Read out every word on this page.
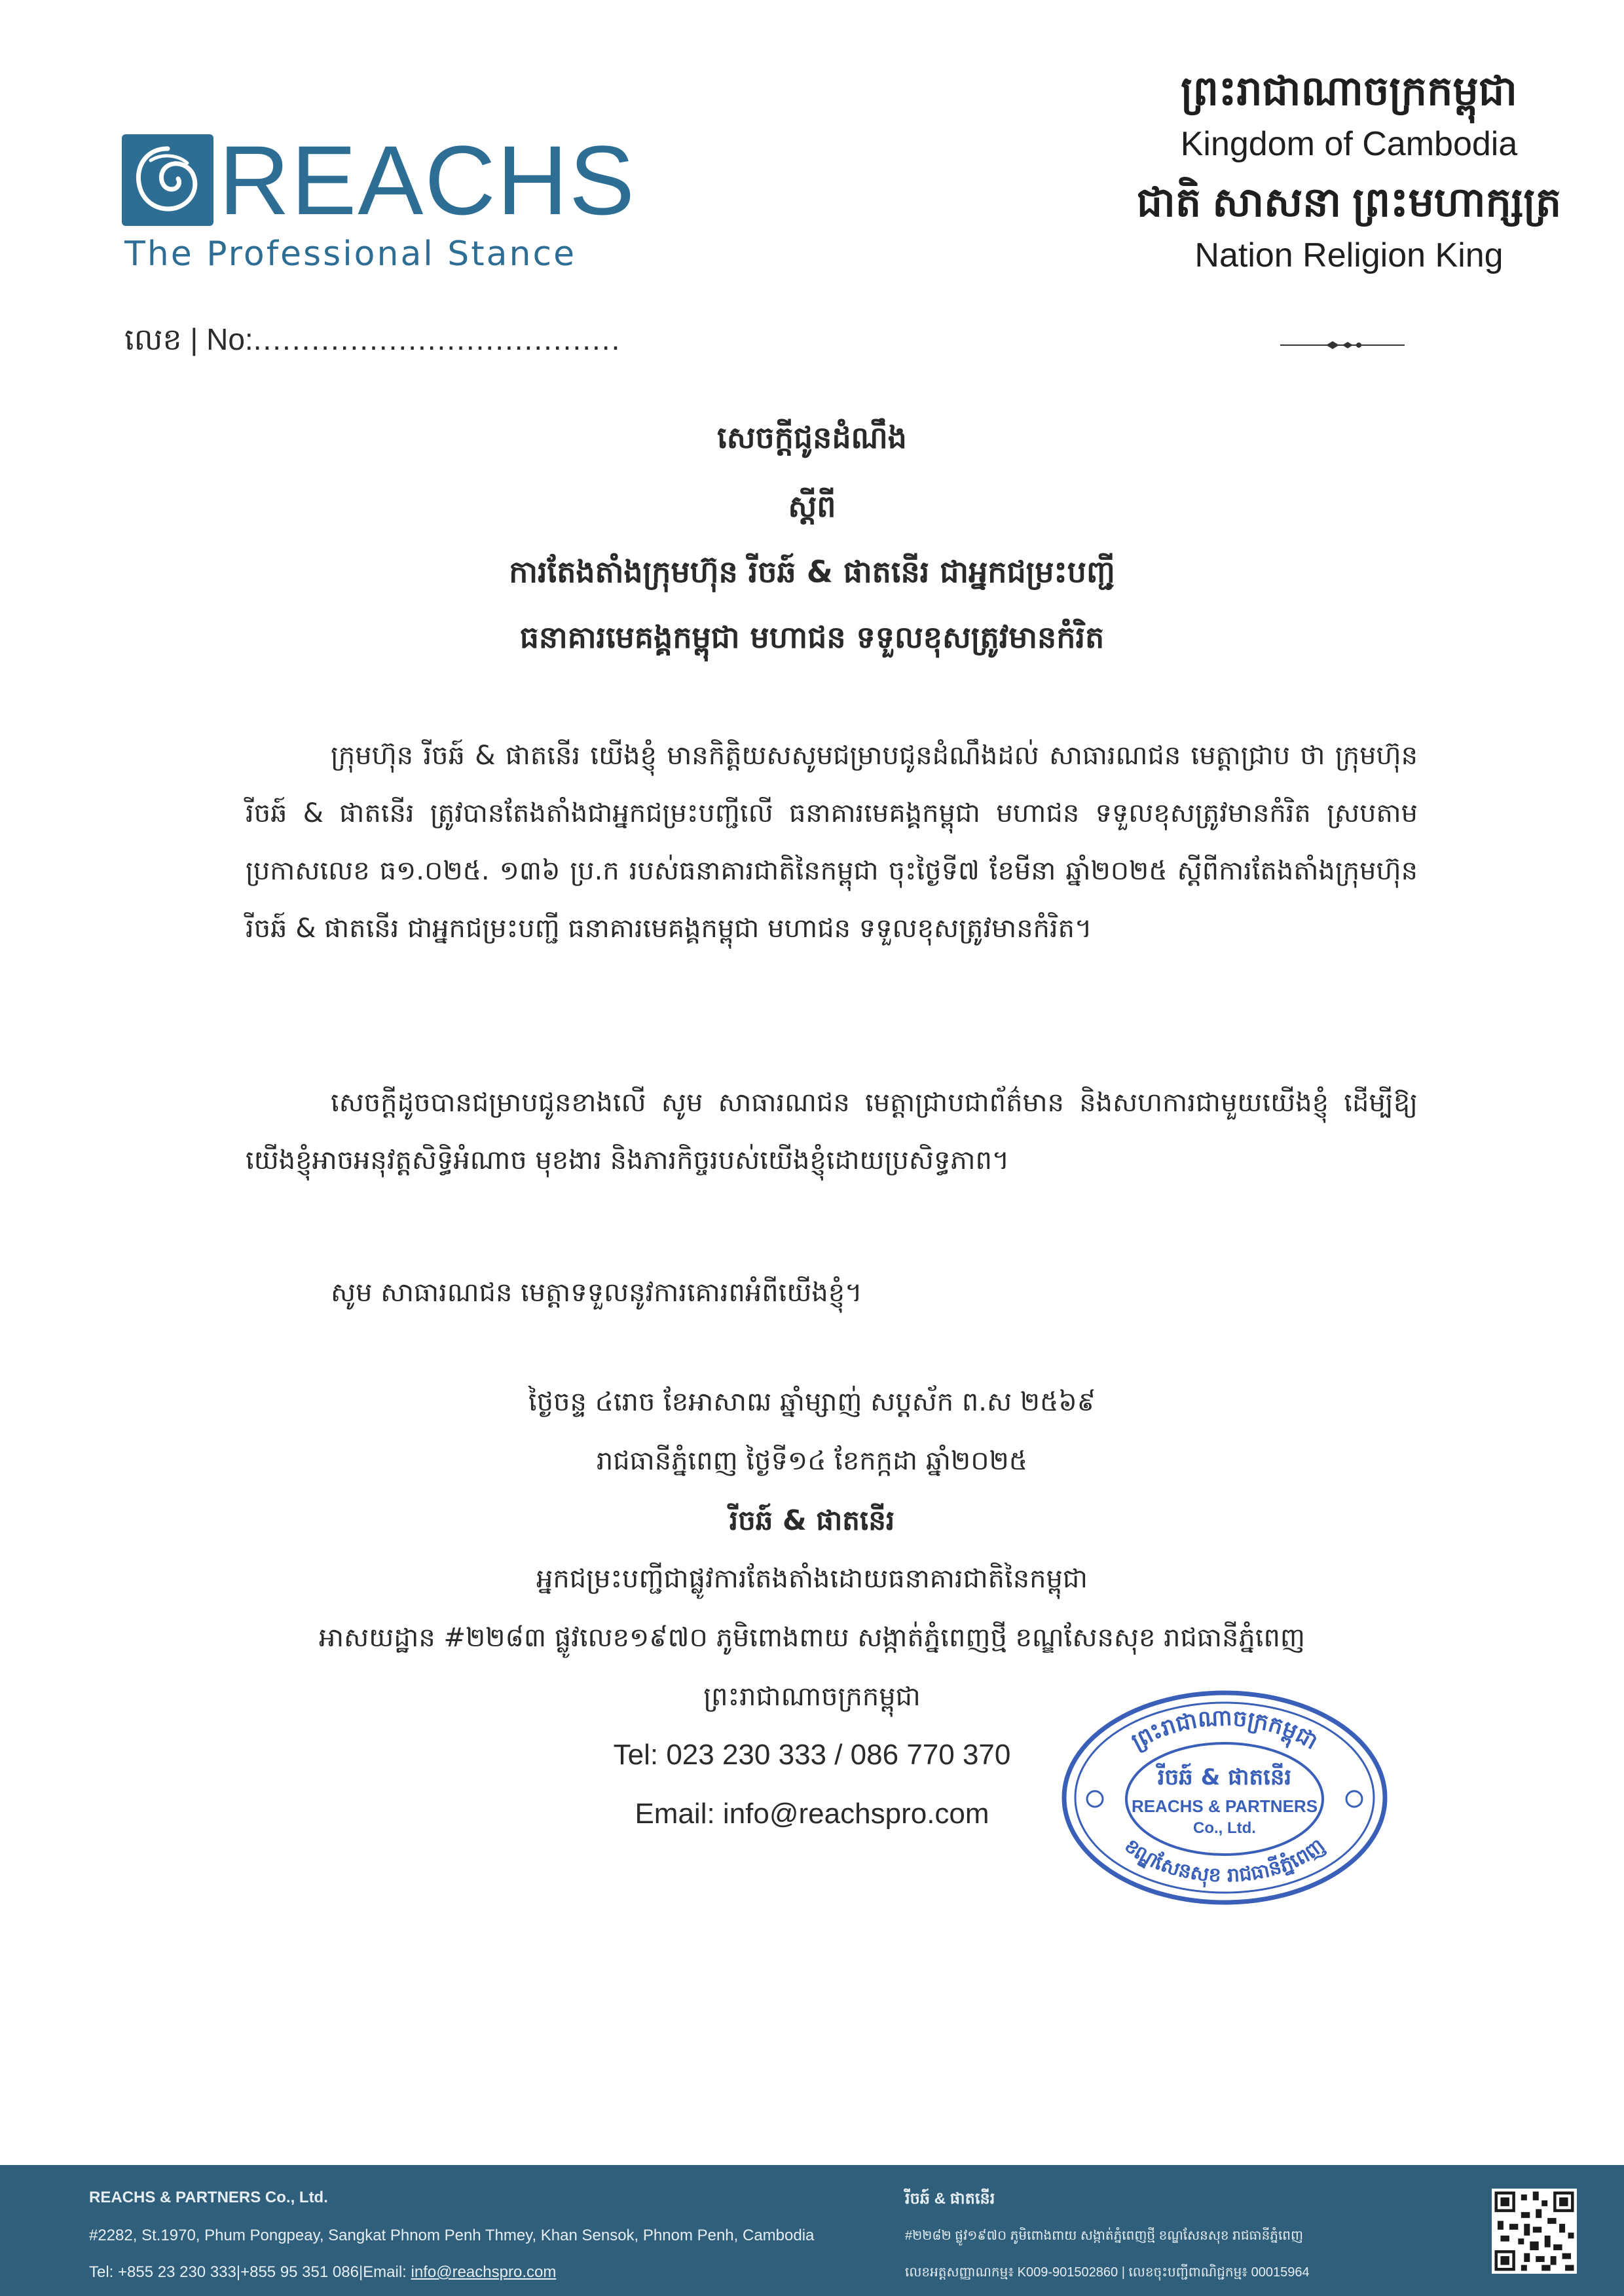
REACHS
The Professional Stance
ព្រះរាជាណាចក្រកម្ពុជា
Kingdom of Cambodia
ជាតិ សាសនា ព្រះមហាក្សត្រ
Nation Religion King
លេខ | No:......................................
សេចក្តីជូនដំណឹង
ស្តីពី
ការតែងតាំងក្រុមហ៊ុន រីចឆ៍ & ផាតនើរ ជាអ្នកជម្រះបញ្ជី
ធនាគារមេគង្គកម្ពុជា មហាជន ទទួលខុសត្រូវមានកំរិត
ក្រុមហ៊ុន រីចឆ៍ & ផាតនើរ យើងខ្ញុំ មានកិត្តិយសសូមជម្រាបជូនដំណឹងដល់ សាធារណជន មេត្តាជ្រាប ថា ក្រុមហ៊ុន រីចឆ៍ & ផាតនើរ ត្រូវបានតែងតាំងជាអ្នកជម្រះបញ្ជីលើ ធនាគារមេគង្គកម្ពុជា មហាជន ទទួលខុសត្រូវមានកំរិត ស្របតាមប្រកាសលេខ ធ១.០២៥. ១៣៦ ប្រ.ក របស់ធនាគារជាតិនៃកម្ពុជា ចុះថ្ងៃទី៧ ខែមីនា ឆ្នាំ២០២៥ ស្តីពីការតែងតាំងក្រុមហ៊ុន រីចឆ៍ & ផាតនើរ ជាអ្នកជម្រះបញ្ជី ធនាគារមេគង្គកម្ពុជា មហាជន ទទួលខុសត្រូវមានកំរិត។
សេចក្តីដូចបានជម្រាបជូនខាងលើ សូម សាធារណជន មេត្តាជ្រាបជាព័ត៌មាន និងសហការជាមួយយើងខ្ញុំ ដើម្បីឱ្យយើងខ្ញុំអាចអនុវត្តសិទ្ធិអំណាច មុខងារ និងភារកិច្ចរបស់យើងខ្ញុំដោយប្រសិទ្ធភាព។
សូម សាធារណជន មេត្តាទទួលនូវការគោរពអំពីយើងខ្ញុំ។
ថ្ងៃចន្ទ ៤រោច ខែអាសាឍ ឆ្នាំម្សាញ់ សប្តស័ក ព.ស ២៥៦៩
រាជធានីភ្នំពេញ ថ្ងៃទី១៤ ខែកក្កដា ឆ្នាំ២០២៥
រីចឆ៍ & ផាតនើរ
អ្នកជម្រះបញ្ជីជាផ្លូវការតែងតាំងដោយធនាគារជាតិនៃកម្ពុជា
អាសយដ្ឋាន #២២៨៣ ផ្លូវលេខ១៩៧០ ភូមិពោងពាយ សង្កាត់ភ្នំពេញថ្មី ខណ្ឌសែនសុខ រាជធានីភ្នំពេញ
ព្រះរាជាណាចក្រកម្ពុជា
Tel: 023 230 333 / 086 770 370
Email: info@reachspro.com
ព្រះរាជាណាចក្រកម្ពុជា
ខណ្ឌសែនសុខ រាជធានីភ្នំពេញ
រីចឆ៍ & ផាតនើរ
REACHS & PARTNERS
Co., Ltd.
REACHS & PARTNERS Co., Ltd.
#2282, St.1970, Phum Pongpeay, Sangkat Phnom Penh Thmey, Khan Sensok, Phnom Penh, Cambodia
Tel: +855 23 230 333|+855 95 351 086|Email: info@reachspro.com
រីចឆ៍ & ផាតនើរ
#២២៨២ ផ្លូវ១៩៧០ ភូមិពោងពាយ សង្កាត់ភ្នំពេញថ្មី ខណ្ឌសែនសុខ រាជធានីភ្នំពេញ
លេខអត្តសញ្ញាណកម្ម៖ K009-901502860 | លេខចុះបញ្ជីពាណិជ្ជកម្ម៖ 00015964
